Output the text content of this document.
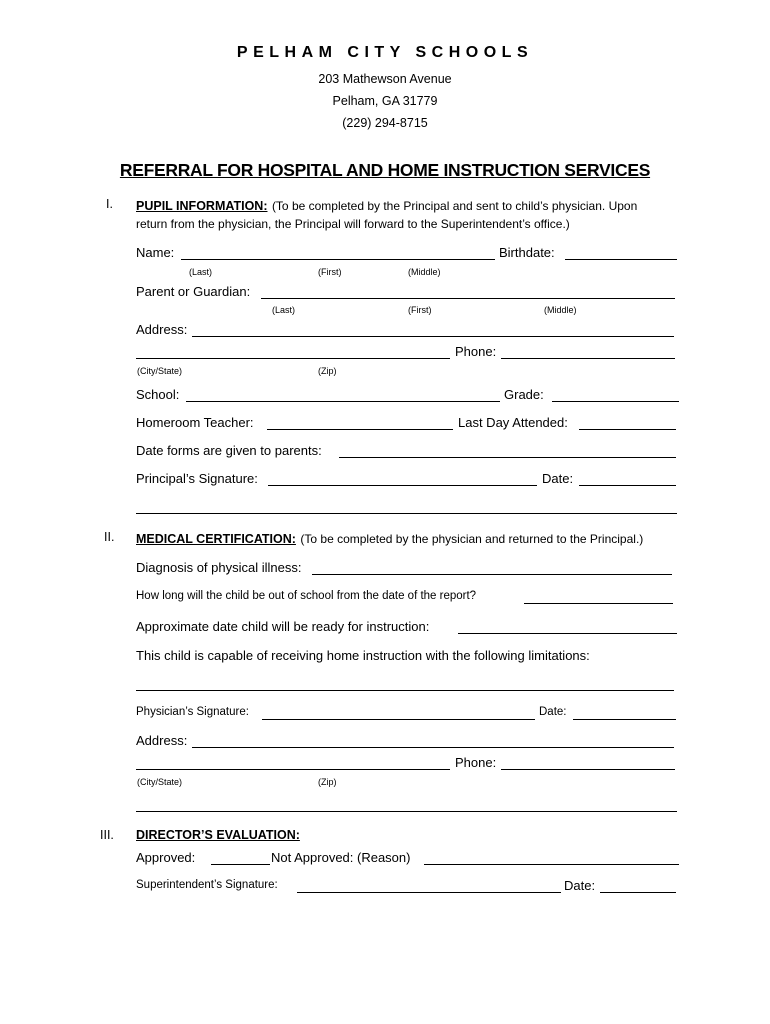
PELHAM CITY SCHOOLS
203 Mathewson Avenue
Pelham, GA 31779
(229) 294-8715
REFERRAL FOR HOSPITAL AND HOME INSTRUCTION SERVICES
I. PUPIL INFORMATION: (To be completed by the Principal and sent to child’s physician. Upon
return from the physician, the Principal will forward to the Superintendent’s office.)
Name:	Birthdate:
(Last)	(First)	(Middle)
Parent or Guardian:
(Last)	(First)	(Middle)
Address:
Phone:
(City/State)	(Zip)
School:	Grade:
Homeroom Teacher:	Last Day Attended:
Date forms are given to parents:
Principal’s Signature:	Date:
II. MEDICAL CERTIFICATION: (To be completed by the physician and returned to the Principal.)
Diagnosis of physical illness:
How long will the child be out of school from the date of the report?
Approximate date child will be ready for instruction:
This child is capable of receiving home instruction with the following limitations:
Physician’s Signature:	Date:
Address:
Phone:
(City/State)	(Zip)
III. DIRECTOR’S EVALUATION:
Approved:	Not Approved: (Reason)
Superintendent’s Signature:	Date:
